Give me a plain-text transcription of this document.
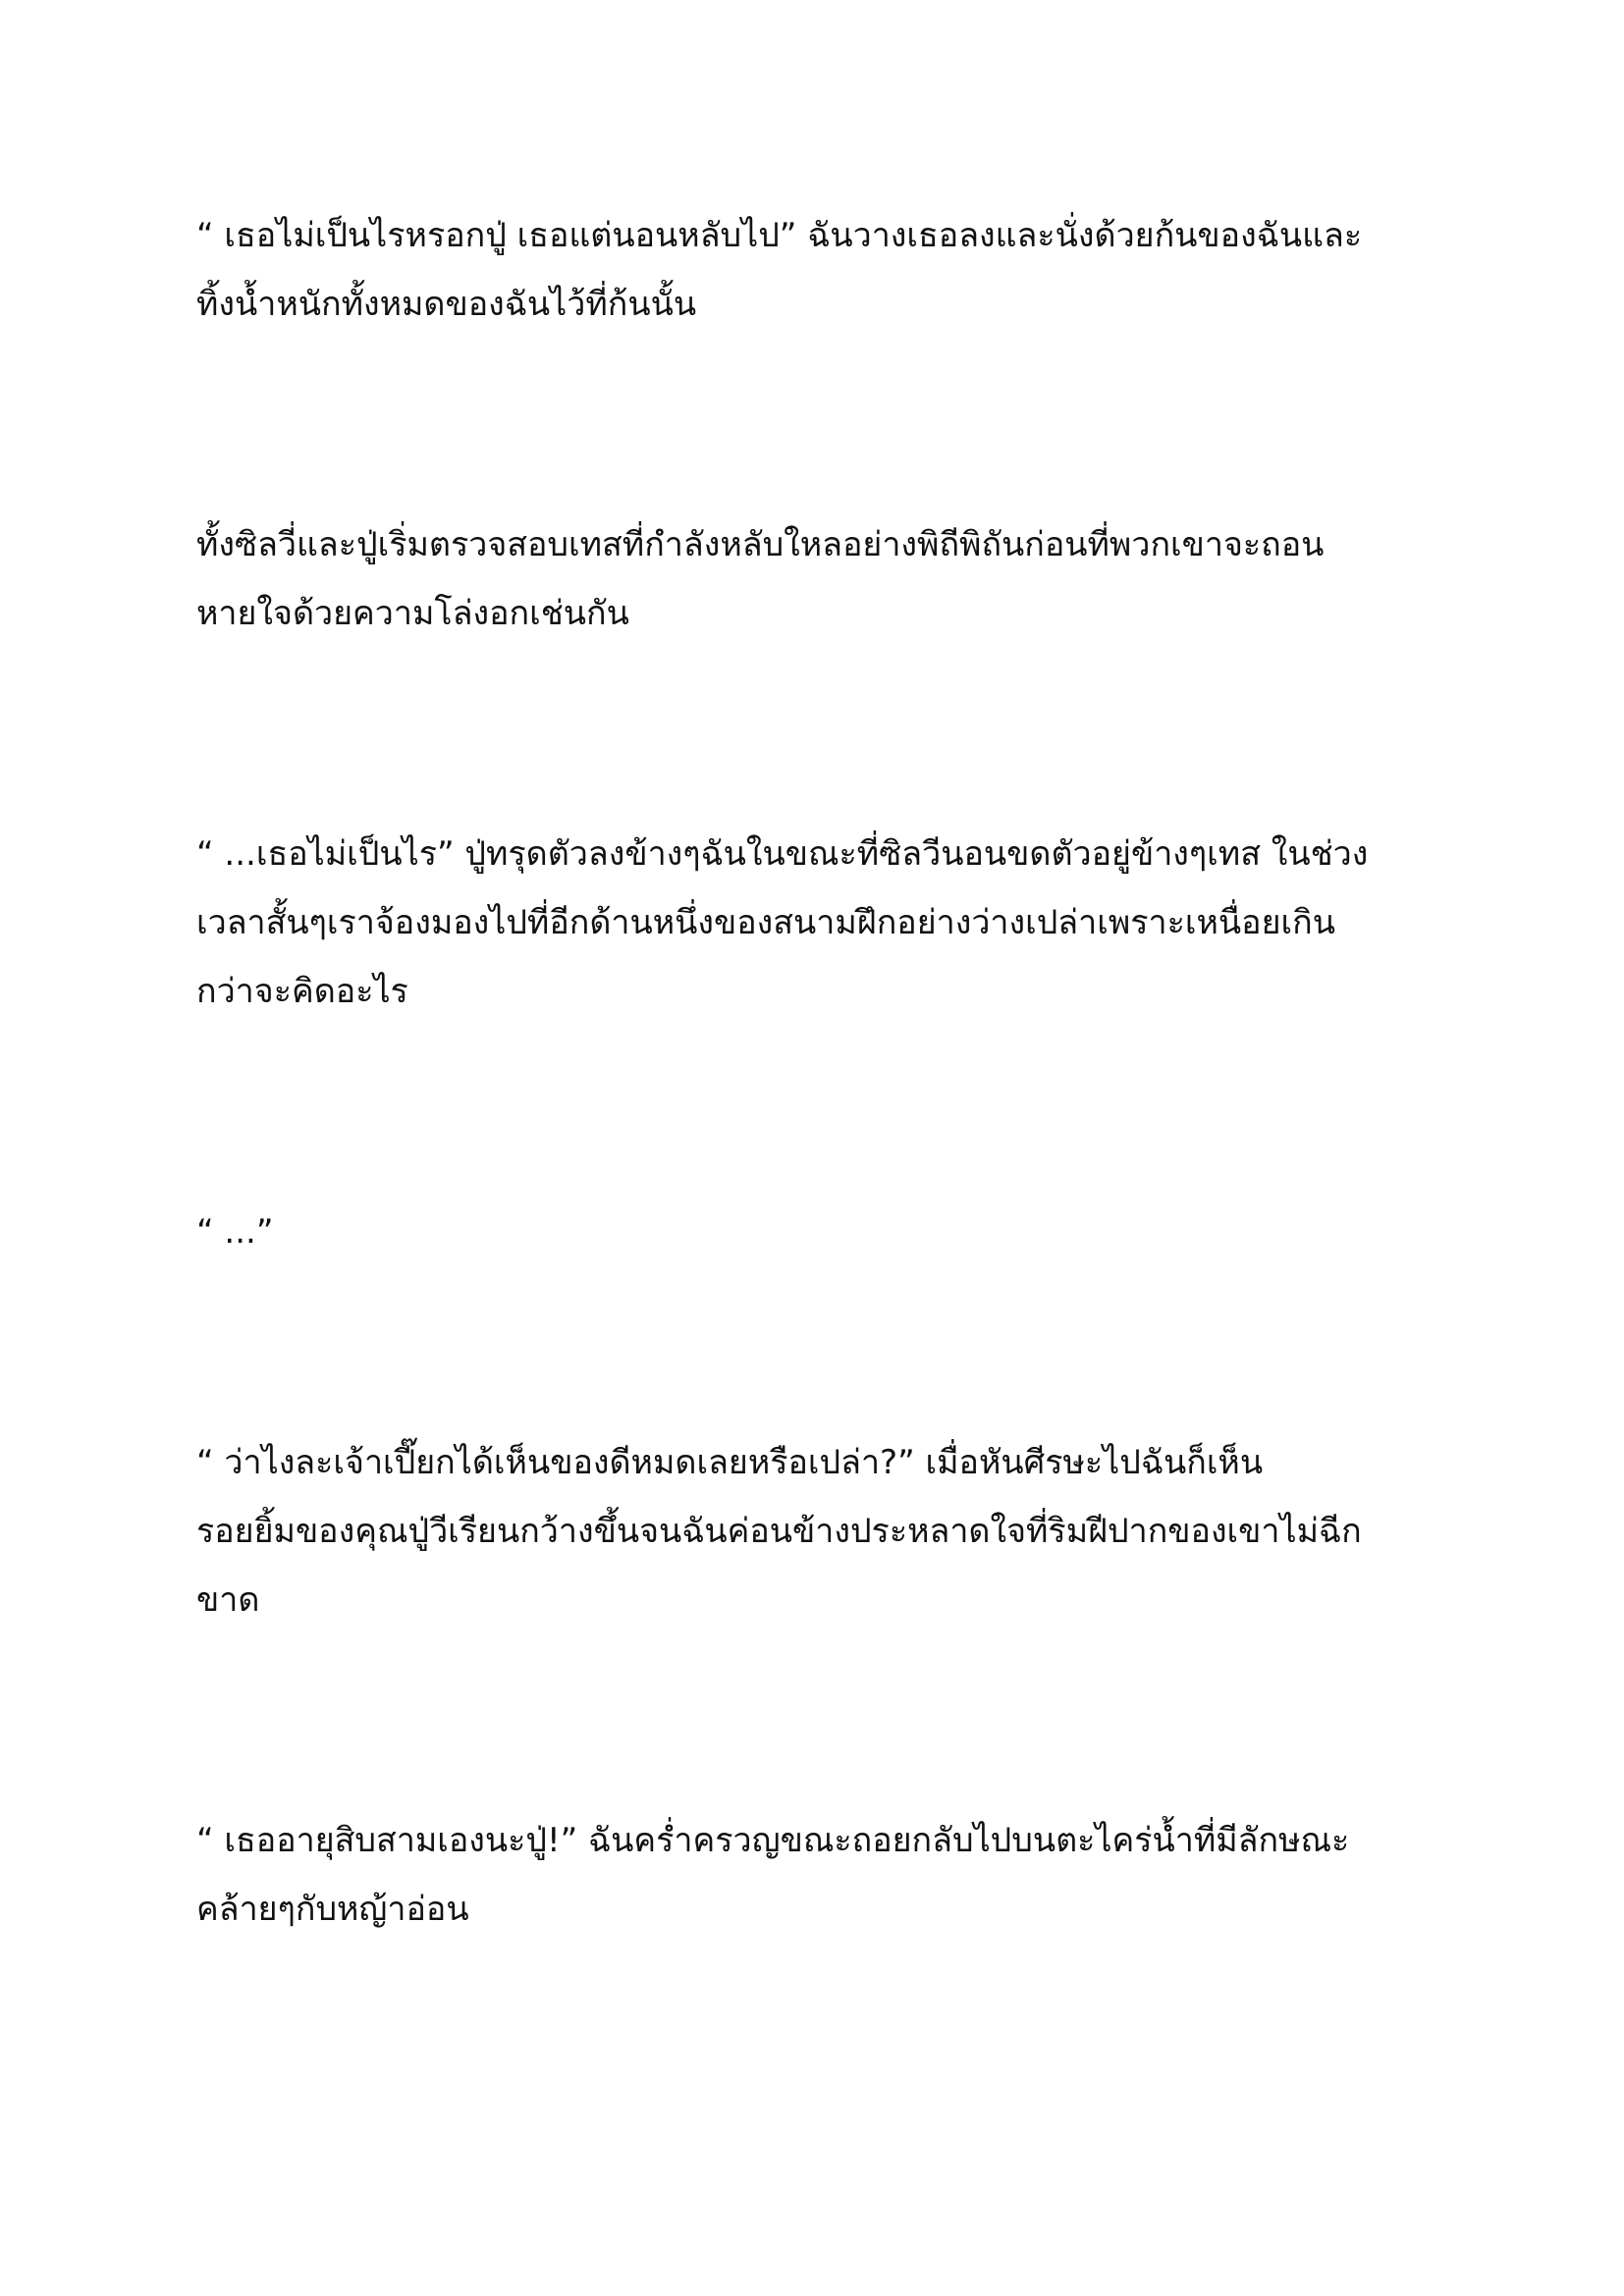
“ เธอไม่เป็นไรหรอกปู่ เธอแต่นอนหลับไป” ฉันวางเธอลงและนั่งด้วยก้นของฉันและ
ทิ้งน้ำหนักทั้งหมดของฉันไว้ที่ก้นนั้น

ทั้งซิลวี่และปู่เริ่มตรวจสอบเทสที่กำลังหลับใหลอย่างพิถีพิถันก่อนที่พวกเขาจะถอน
หายใจด้วยความโล่งอกเช่นกัน

“ ...เธอไม่เป็นไร” ปู่ทรุดตัวลงข้างๆฉันในขณะที่ซิลวีนอนขดตัวอยู่ข้างๆเทส ในช่วง
เวลาสั้นๆเราจ้องมองไปที่อีกด้านหนึ่งของสนามฝึกอย่างว่างเปล่าเพราะเหนื่อยเกิน
กว่าจะคิดอะไร

“ ...”

“ ว่าไงละเจ้าเปี๊ยกได้เห็นของดีหมดเลยหรือเปล่า?” เมื่อหันศีรษะไปฉันก็เห็น
รอยยิ้มของคุณปู่วีเรียนกว้างขึ้นจนฉันค่อนข้างประหลาดใจที่ริมฝีปากของเขาไม่ฉีก
ขาด

“ เธออายุสิบสามเองนะปู่!” ฉันคร่ำครวญขณะถอยกลับไปบนตะไคร่น้ำที่มีลักษณะ
คล้ายๆกับหญ้าอ่อน
